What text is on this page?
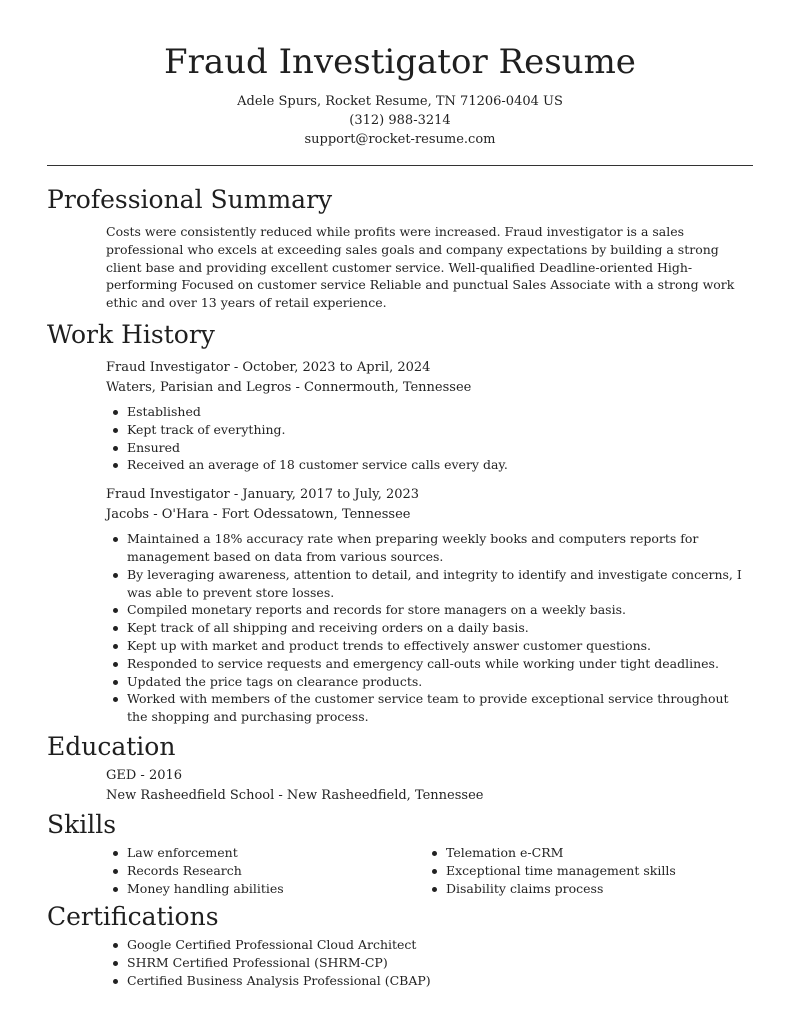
Fraud Investigator Resume
Adele Spurs, Rocket Resume, TN 71206-0404 US
(312) 988-3214
support@rocket-resume.com
Professional Summary
Costs were consistently reduced while profits were increased. Fraud investigator is a sales professional who excels at exceeding sales goals and company expectations by building a strong client base and providing excellent customer service. Well-qualified Deadline-oriented High-performing Focused on customer service Reliable and punctual Sales Associate with a strong work ethic and over 13 years of retail experience.
Work History
Fraud Investigator - October, 2023 to April, 2024
Waters, Parisian and Legros - Connermouth, Tennessee
Established
Kept track of everything.
Ensured
Received an average of 18 customer service calls every day.
Fraud Investigator - January, 2017 to July, 2023
Jacobs - O'Hara - Fort Odessatown, Tennessee
Maintained a 18% accuracy rate when preparing weekly books and computers reports for management based on data from various sources.
By leveraging awareness, attention to detail, and integrity to identify and investigate concerns, I was able to prevent store losses.
Compiled monetary reports and records for store managers on a weekly basis.
Kept track of all shipping and receiving orders on a daily basis.
Kept up with market and product trends to effectively answer customer questions.
Responded to service requests and emergency call-outs while working under tight deadlines.
Updated the price tags on clearance products.
Worked with members of the customer service team to provide exceptional service throughout the shopping and purchasing process.
Education
GED - 2016
New Rasheedfield School - New Rasheedfield, Tennessee
Skills
Law enforcement
Records Research
Money handling abilities
Telemation e-CRM
Exceptional time management skills
Disability claims process
Certifications
Google Certified Professional Cloud Architect
SHRM Certified Professional (SHRM-CP)
Certified Business Analysis Professional (CBAP)
